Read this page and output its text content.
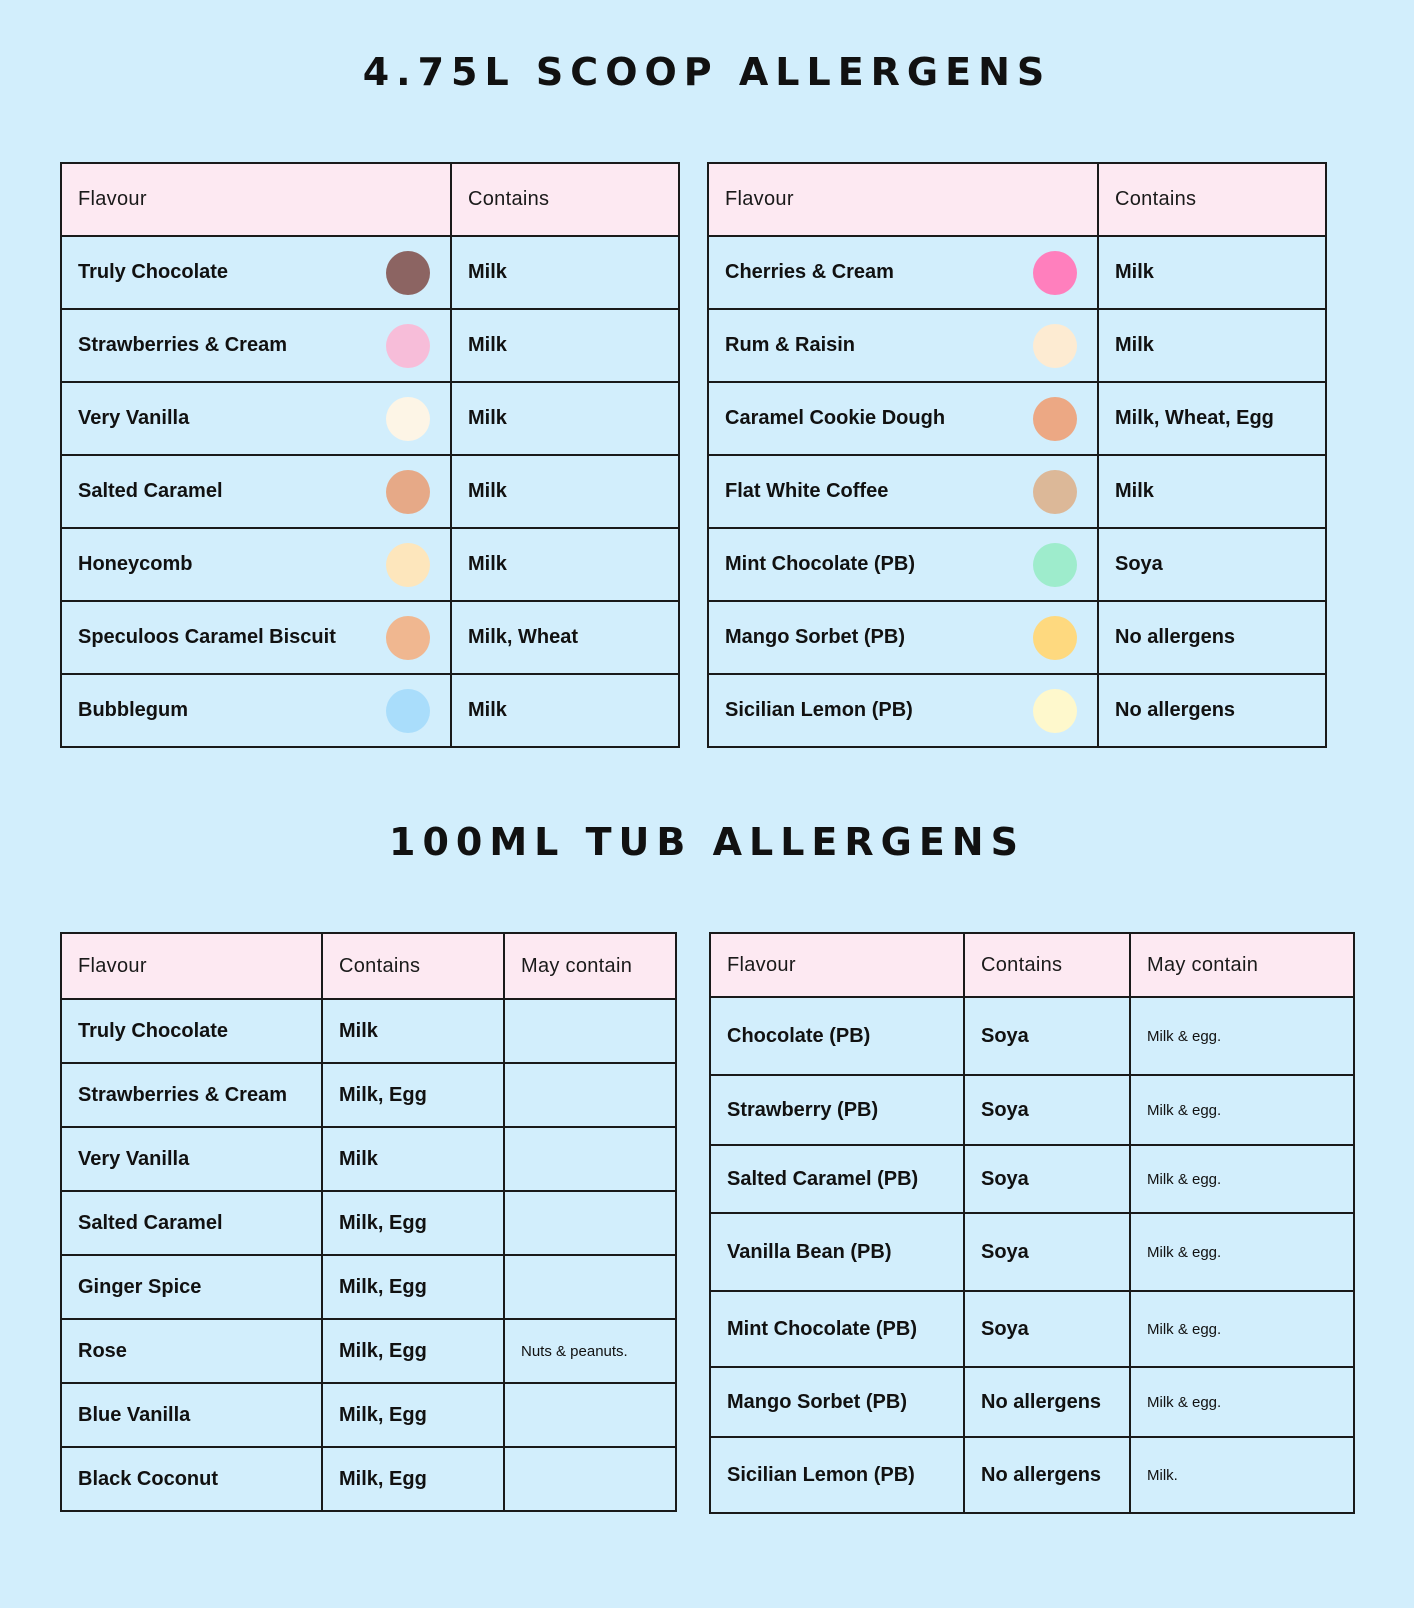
4.75L SCOOP ALLERGENS
Flavour	Contains

Truly Chocolate	Milk

Strawberries & Cream	Milk

Very Vanilla	Milk

Salted Caramel	Milk

Honeycomb	Milk

Speculoos Caramel Biscuit	Milk, Wheat

Bubblegum	Milk
Flavour	Contains

Cherries & Cream	Milk

Rum & Raisin	Milk

Caramel Cookie Dough	Milk, Wheat, Egg

Flat White Coffee	Milk

Mint Chocolate (PB)	Soya

Mango Sorbet (PB)	No allergens

Sicilian Lemon (PB)	No allergens
100ML TUB ALLERGENS
Flavour	Contains	May contain
Truly Chocolate	Milk	
Strawberries & Cream	Milk, Egg	
Very Vanilla	Milk	
Salted Caramel	Milk, Egg	
Ginger Spice	Milk, Egg	
Rose	Milk, Egg	Nuts & peanuts.
Blue Vanilla	Milk, Egg	
Black Coconut	Milk, Egg	
Flavour	Contains	May contain
Chocolate (PB)	Soya	Milk & egg.
Strawberry (PB)	Soya	Milk & egg.
Salted Caramel (PB)	Soya	Milk & egg.
Vanilla Bean (PB)	Soya	Milk & egg.
Mint Chocolate (PB)	Soya	Milk & egg.
Mango Sorbet (PB)	No allergens	Milk & egg.
Sicilian Lemon (PB)	No allergens	Milk.
